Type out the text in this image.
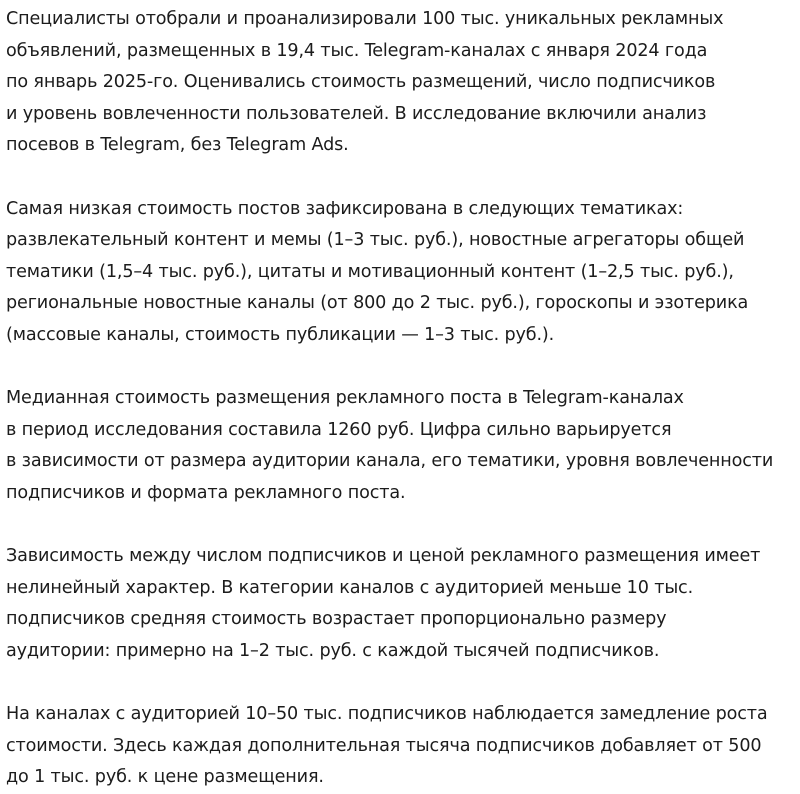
Специалисты отобрали и проанализировали 100 тыс. уникальных рекламных
объявлений, размещенных в 19,4 тыс. Telegram-каналах с января 2024 года
по январь 2025-го. Оценивались стоимость размещений, число подписчиков
и уровень вовлеченности пользователей. В исследование включили анализ
посевов в Telegram, без Telegram Ads.

Самая низкая стоимость постов зафиксирована в следующих тематиках:
развлекательный контент и мемы (1–3 тыс. руб.), новостные агрегаторы общей
тематики (1,5–4 тыс. руб.), цитаты и мотивационный контент (1–2,5 тыс. руб.),
региональные новостные каналы (от 800 до 2 тыс. руб.), гороскопы и эзотерика
(массовые каналы, стоимость публикации — 1–3 тыс. руб.).

Медианная стоимость размещения рекламного поста в Telegram-каналах
в период исследования составила 1260 руб. Цифра сильно варьируется
в зависимости от размера аудитории канала, его тематики, уровня вовлеченности
подписчиков и формата рекламного поста.

Зависимость между числом подписчиков и ценой рекламного размещения имеет
нелинейный характер. В категории каналов с аудиторией меньше 10 тыс.
подписчиков средняя стоимость возрастает пропорционально размеру
аудитории: примерно на 1–2 тыс. руб. с каждой тысячей подписчиков.

На каналах с аудиторией 10–50 тыс. подписчиков наблюдается замедление роста
стоимости. Здесь каждая дополнительная тысяча подписчиков добавляет от 500
до 1 тыс. руб. к цене размещения.
